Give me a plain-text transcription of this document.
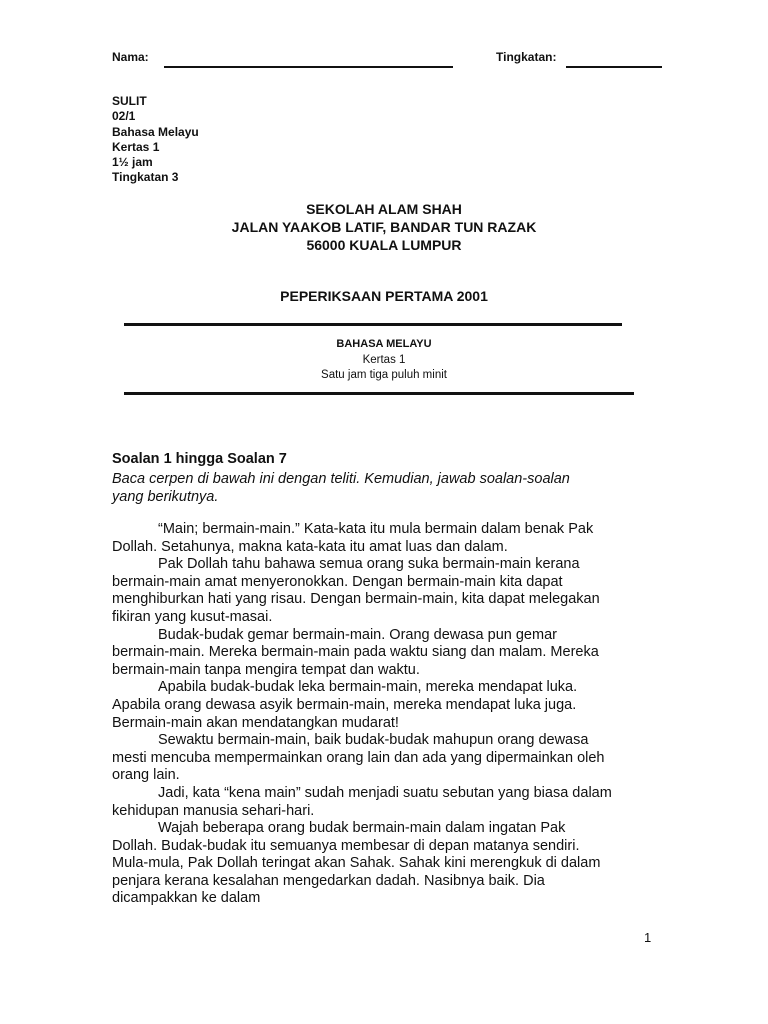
Nama:	Tingkatan:
SULIT
02/1
Bahasa Melayu
Kertas 1
1½ jam
Tingkatan 3
SEKOLAH ALAM SHAH
JALAN YAAKOB LATIF, BANDAR TUN RAZAK
56000 KUALA LUMPUR
PEPERIKSAAN PERTAMA 2001
BAHASA MELAYU
Kertas 1
Satu jam tiga puluh minit
Soalan 1 hingga Soalan 7
Baca cerpen di bawah ini dengan teliti. Kemudian, jawab soalan-soalan yang berikutnya.

“Main; bermain-main.” Kata-kata itu mula bermain dalam benak Pak Dollah. Setahunya, makna kata-kata itu amat luas dan dalam.

Pak Dollah tahu bahawa semua orang suka bermain-main kerana bermain-main amat menyeronokkan. Dengan bermain-main kita dapat menghiburkan hati yang risau. Dengan bermain-main, kita dapat melegakan fikiran yang kusut-masai.

Budak-budak gemar bermain-main. Orang dewasa pun gemar bermain-main. Mereka bermain-main pada waktu siang dan malam. Mereka bermain-main tanpa mengira tempat dan waktu.

Apabila budak-budak leka bermain-main, mereka mendapat luka. Apabila orang dewasa asyik bermain-main, mereka mendapat luka juga. Bermain-main akan mendatangkan mudarat!

Sewaktu bermain-main, baik budak-budak mahupun orang dewasa mesti mencuba mempermainkan orang lain dan ada yang dipermainkan oleh orang lain.

Jadi, kata “kena main” sudah menjadi suatu sebutan yang biasa dalam kehidupan manusia sehari-hari.

Wajah beberapa orang budak bermain-main dalam ingatan Pak Dollah. Budak-budak itu semuanya membesar di depan matanya sendiri. Mula-mula, Pak Dollah teringat akan Sahak. Sahak kini merengkuk di dalam penjara kerana kesalahan mengedarkan dadah. Nasibnya baik. Dia dicampakkan ke dalam

1
